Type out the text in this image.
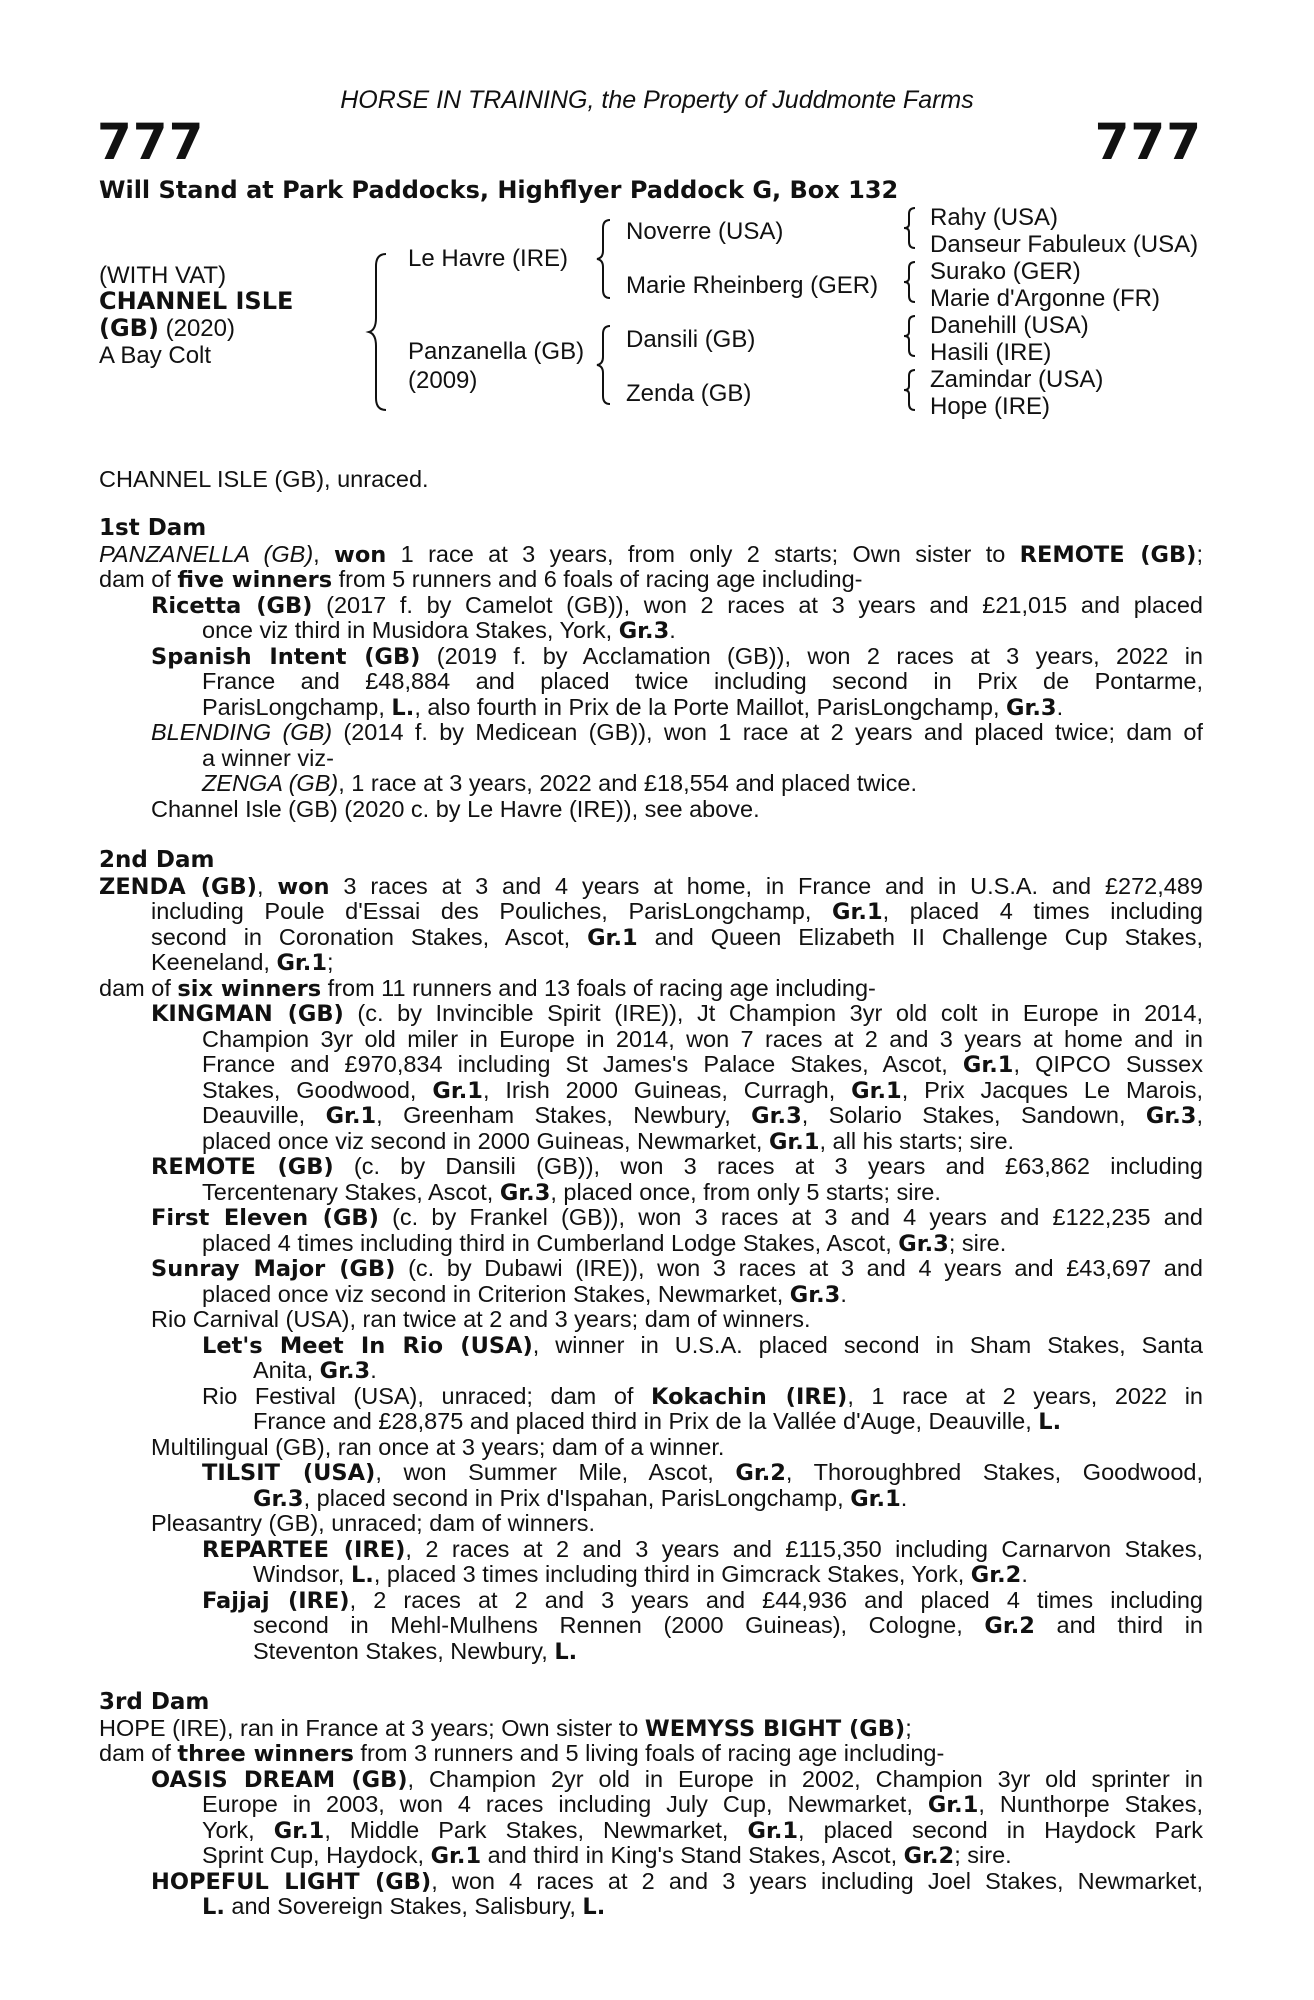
HORSE IN TRAINING, the Property of Juddmonte Farms
777	777
Will Stand at Park Paddocks, Highflyer Paddock G, Box 132
(WITH VAT)
CHANNEL ISLE
(GB) (2020)
A Bay Colt
Le Havre (IRE)
Panzanella (GB)
(2009)
Noverre (USA)
Marie Rheinberg (GER)
Dansili (GB)
Zenda (GB)
Rahy (USA)
Danseur Fabuleux (USA)
Surako (GER)
Marie d'Argonne (FR)
Danehill (USA)
Hasili (IRE)
Zamindar (USA)
Hope (IRE)
CHANNEL ISLE (GB), unraced.
1st Dam
PANZANELLA (GB), won 1 race at 3 years, from only 2 starts; Own sister to REMOTE (GB);
dam of five winners from 5 runners and 6 foals of racing age including-
Ricetta (GB) (2017 f. by Camelot (GB)), won 2 races at 3 years and £21,015 and placed
once viz third in Musidora Stakes, York, Gr.3.
Spanish Intent (GB) (2019 f. by Acclamation (GB)), won 2 races at 3 years, 2022 in
France and £48,884 and placed twice including second in Prix de Pontarme,
ParisLongchamp, L., also fourth in Prix de la Porte Maillot, ParisLongchamp, Gr.3.
BLENDING (GB) (2014 f. by Medicean (GB)), won 1 race at 2 years and placed twice; dam of
a winner viz-
ZENGA (GB), 1 race at 3 years, 2022 and £18,554 and placed twice.
Channel Isle (GB) (2020 c. by Le Havre (IRE)), see above.
2nd Dam
ZENDA (GB), won 3 races at 3 and 4 years at home, in France and in U.S.A. and £272,489
including Poule d'Essai des Pouliches, ParisLongchamp, Gr.1, placed 4 times including
second in Coronation Stakes, Ascot, Gr.1 and Queen Elizabeth II Challenge Cup Stakes,
Keeneland, Gr.1;
dam of six winners from 11 runners and 13 foals of racing age including-
KINGMAN (GB) (c. by Invincible Spirit (IRE)), Jt Champion 3yr old colt in Europe in 2014,
Champion 3yr old miler in Europe in 2014, won 7 races at 2 and 3 years at home and in
France and £970,834 including St James's Palace Stakes, Ascot, Gr.1, QIPCO Sussex
Stakes, Goodwood, Gr.1, Irish 2000 Guineas, Curragh, Gr.1, Prix Jacques Le Marois,
Deauville, Gr.1, Greenham Stakes, Newbury, Gr.3, Solario Stakes, Sandown, Gr.3,
placed once viz second in 2000 Guineas, Newmarket, Gr.1, all his starts; sire.
REMOTE (GB) (c. by Dansili (GB)), won 3 races at 3 years and £63,862 including
Tercentenary Stakes, Ascot, Gr.3, placed once, from only 5 starts; sire.
First Eleven (GB) (c. by Frankel (GB)), won 3 races at 3 and 4 years and £122,235 and
placed 4 times including third in Cumberland Lodge Stakes, Ascot, Gr.3; sire.
Sunray Major (GB) (c. by Dubawi (IRE)), won 3 races at 3 and 4 years and £43,697 and
placed once viz second in Criterion Stakes, Newmarket, Gr.3.
Rio Carnival (USA), ran twice at 2 and 3 years; dam of winners.
Let's Meet In Rio (USA), winner in U.S.A. placed second in Sham Stakes, Santa
Anita, Gr.3.
Rio Festival (USA), unraced; dam of Kokachin (IRE), 1 race at 2 years, 2022 in
France and £28,875 and placed third in Prix de la Vallée d'Auge, Deauville, L.
Multilingual (GB), ran once at 3 years; dam of a winner.
TILSIT (USA), won Summer Mile, Ascot, Gr.2, Thoroughbred Stakes, Goodwood,
Gr.3, placed second in Prix d'Ispahan, ParisLongchamp, Gr.1.
Pleasantry (GB), unraced; dam of winners.
REPARTEE (IRE), 2 races at 2 and 3 years and £115,350 including Carnarvon Stakes,
Windsor, L., placed 3 times including third in Gimcrack Stakes, York, Gr.2.
Fajjaj (IRE), 2 races at 2 and 3 years and £44,936 and placed 4 times including
second in Mehl-Mulhens Rennen (2000 Guineas), Cologne, Gr.2 and third in
Steventon Stakes, Newbury, L.
3rd Dam
HOPE (IRE), ran in France at 3 years; Own sister to WEMYSS BIGHT (GB);
dam of three winners from 3 runners and 5 living foals of racing age including-
OASIS DREAM (GB), Champion 2yr old in Europe in 2002, Champion 3yr old sprinter in
Europe in 2003, won 4 races including July Cup, Newmarket, Gr.1, Nunthorpe Stakes,
York, Gr.1, Middle Park Stakes, Newmarket, Gr.1, placed second in Haydock Park
Sprint Cup, Haydock, Gr.1 and third in King's Stand Stakes, Ascot, Gr.2; sire.
HOPEFUL LIGHT (GB), won 4 races at 2 and 3 years including Joel Stakes, Newmarket,
L. and Sovereign Stakes, Salisbury, L.
